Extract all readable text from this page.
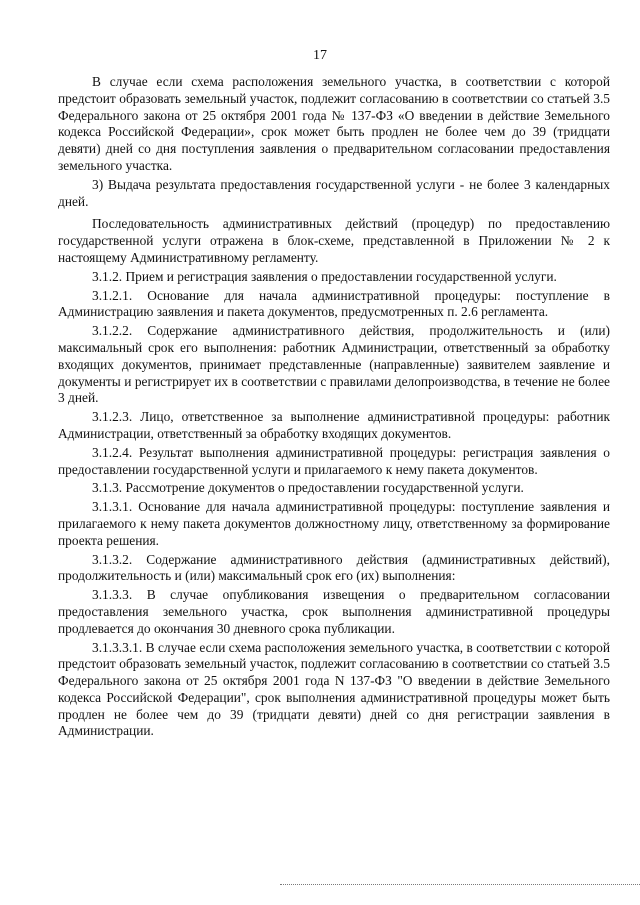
17

В случае если схема расположения земельного участка, в соответствии с которой предстоит образовать земельный участок, подлежит согласованию в соответствии со статьей 3.5 Федерального закона от 25 октября 2001 года № 137-ФЗ «О введении в действие Земельного кодекса Российской Федерации», срок может быть продлен не более чем до 39 (тридцати девяти) дней со дня поступления заявления о предварительном согласовании предоставления земельного участка.

3) Выдача результата предоставления государственной услуги - не более 3 календарных дней.

Последовательность административных действий (процедур) по предоставлению государственной услуги отражена в блок-схеме, представленной в Приложении № 2 к настоящему Административному регламенту.

3.1.2. Прием и регистрация заявления о предоставлении государственной услуги.

3.1.2.1. Основание для начала административной процедуры: поступление в Администрацию заявления и пакета документов, предусмотренных п. 2.6 регламента.

3.1.2.2. Содержание административного действия, продолжительность и (или) максимальный срок его выполнения: работник Администрации, ответственный за обработку входящих документов, принимает представленные (направленные) заявителем заявление и документы и регистрирует их в соответствии с правилами делопроизводства, в течение не более 3 дней.

3.1.2.3. Лицо, ответственное за выполнение административной процедуры: работник Администрации, ответственный за обработку входящих документов.

3.1.2.4. Результат выполнения административной процедуры: регистрация заявления о предоставлении государственной услуги и прилагаемого к нему пакета документов.

3.1.3. Рассмотрение документов о предоставлении государственной услуги.

3.1.3.1. Основание для начала административной процедуры: поступление заявления и прилагаемого к нему пакета документов должностному лицу, ответственному за формирование проекта решения.

3.1.3.2. Содержание административного действия (административных действий), продолжительность и (или) максимальный срок его (их) выполнения:

3.1.3.3. В случае опубликования извещения о предварительном согласовании предоставления земельного участка, срок выполнения административной процедуры продлевается до окончания 30 дневного срока публикации.

3.1.3.3.1. В случае если схема расположения земельного участка, в соответствии с которой предстоит образовать земельный участок, подлежит согласованию в соответствии со статьей 3.5 Федерального закона от 25 октября 2001 года N 137-ФЗ "О введении в действие Земельного кодекса Российской Федерации", срок выполнения административной процедуры может быть продлен не более чем до 39 (тридцати девяти) дней со дня регистрации заявления в Администрации.
